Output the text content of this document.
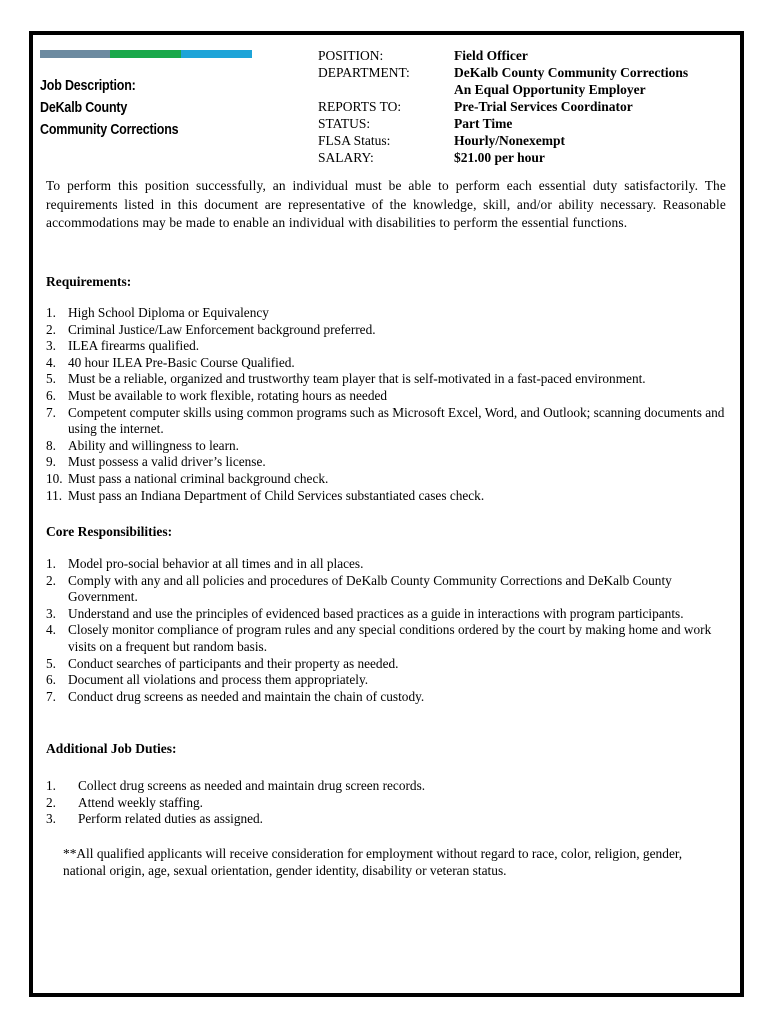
Job Description:
DeKalb County
Community Corrections
POSITION:	Field Officer
DEPARTMENT:	DeKalb County Community Corrections
An Equal Opportunity Employer
REPORTS TO:	Pre-Trial Services Coordinator
STATUS:	Part Time
FLSA Status:	Hourly/Nonexempt
SALARY:	$21.00 per hour
To perform this position successfully, an individual must be able to perform each essential duty satisfactorily. The requirements listed in this document are representative of the knowledge, skill, and/or ability necessary. Reasonable accommodations may be made to enable an individual with disabilities to perform the essential functions.
Requirements:
1. High School Diploma or Equivalency
2. Criminal Justice/Law Enforcement background preferred.
3. ILEA firearms qualified.
4. 40 hour ILEA Pre-Basic Course Qualified.
5. Must be a reliable, organized and trustworthy team player that is self-motivated in a fast-paced environment.
6. Must be available to work flexible, rotating hours as needed
7. Competent computer skills using common programs such as Microsoft Excel, Word, and Outlook; scanning documents and using the internet.
8. Ability and willingness to learn.
9. Must possess a valid driver’s license.
10. Must pass a national criminal background check.
11. Must pass an Indiana Department of Child Services substantiated cases check.
Core Responsibilities:
1. Model pro-social behavior at all times and in all places.
2. Comply with any and all policies and procedures of DeKalb County Community Corrections and DeKalb County Government.
3. Understand and use the principles of evidenced based practices as a guide in interactions with program participants.
4. Closely monitor compliance of program rules and any special conditions ordered by the court by making home and work visits on a frequent but random basis.
5. Conduct searches of participants and their property as needed.
6. Document all violations and process them appropriately.
7. Conduct drug screens as needed and maintain the chain of custody.
Additional Job Duties:
1.	Collect drug screens as needed and maintain drug screen records.
2.	Attend weekly staffing.
3.	Perform related duties as assigned.
**All qualified applicants will receive consideration for employment without regard to race, color, religion, gender, national origin, age, sexual orientation, gender identity, disability or veteran status.
